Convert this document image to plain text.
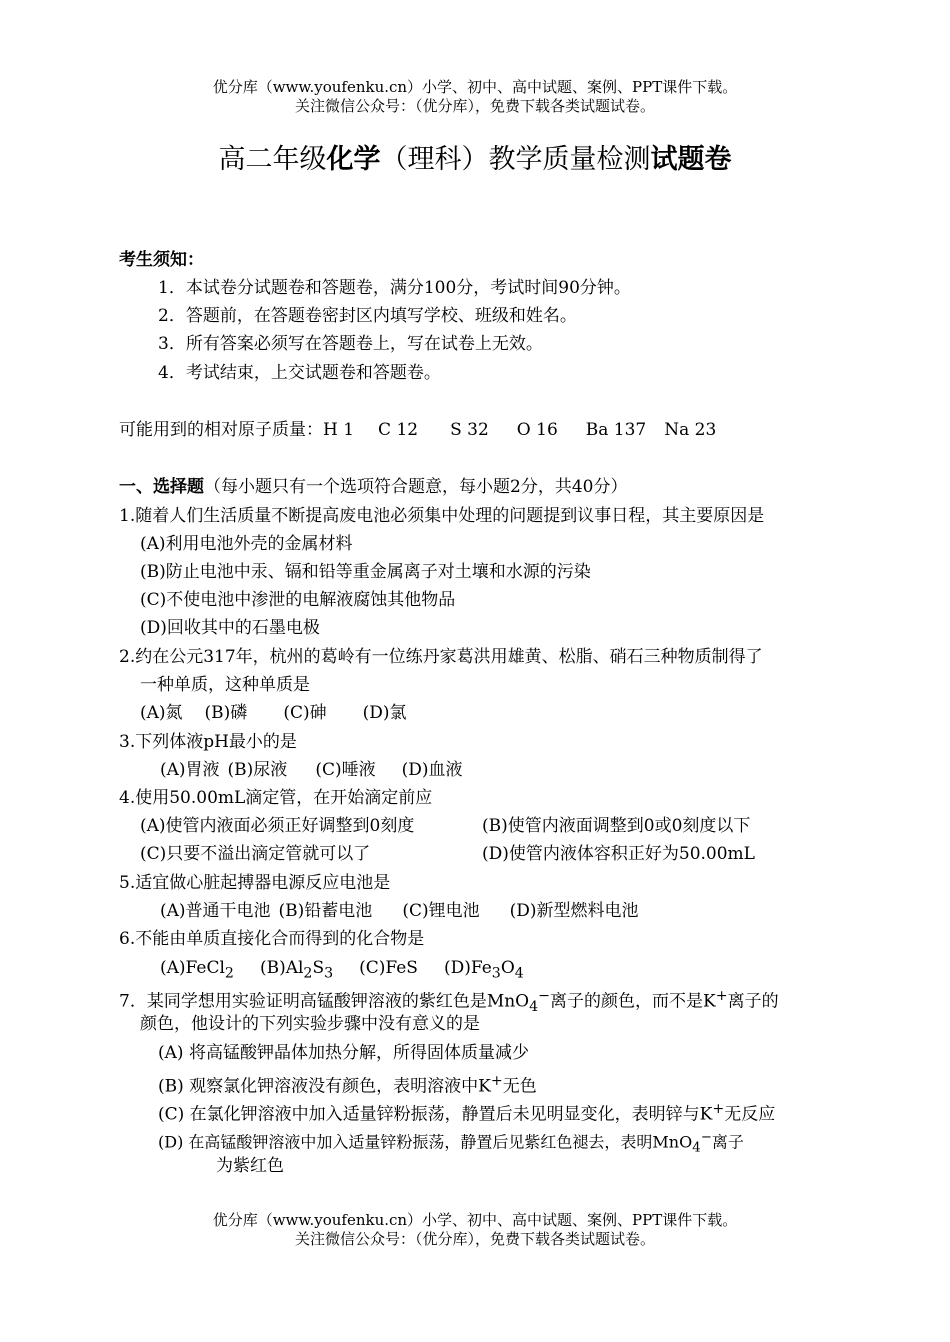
优分库（www.youfenku.cn）小学、初中、高中试题、案例、PPT课件下载。
关注微信公众号：（优分库），免费下载各类试题试卷。
高二年级化学（理科）教学质量检测试题卷
考生须知：
1．本试卷分试题卷和答题卷，满分100分，考试时间90分钟。
2．答题前，在答题卷密封区内填写学校、班级和姓名。
3．所有答案必须写在答题卷上，写在试卷上无效。
4．考试结束，上交试题卷和答题卷。
可能用到的相对原子质量：H 1 C 12 S 32 O 16 Ba 137 Na 23
一、选择题（每小题只有一个选项符合题意，每小题2分，共40分）
1.随着人们生活质量不断提高废电池必须集中处理的问题提到议事日程，其主要原因是
(A)利用电池外壳的金属材料
(B)防止电池中汞、镉和铅等重金属离子对土壤和水源的污染
(C)不使电池中渗泄的电解液腐蚀其他物品
(D)回收其中的石墨电极
2.约在公元317年，杭州的葛岭有一位练丹家葛洪用雄黄、松脂、硝石三种物质制得了
一种单质，这种单质是
(A)氮 (B)磷 (C)砷 (D)氯
3.下列体液pH最小的是
(A)胃液 (B)尿液 (C)唾液 (D)血液
4.使用50.00mL滴定管，在开始滴定前应
(A)使管内液面必须正好调整到0刻度	(B)使管内液面调整到0或0刻度以下
(C)只要不溢出滴定管就可以了	(D)使管内液体容积正好为50.00mL
5.适宜做心脏起搏器电源反应电池是
(A)普通干电池 (B)铅蓄电池 (C)锂电池 (D)新型燃料电池
6.不能由单质直接化合而得到的化合物是
(A)FeCl$_2$ $(B)Al_2S_3$ (C)FeS $(D)Fe_3O_4$
7．某同学想用实验证明高锰酸钾溶液的紫红色是MnO$_4$−离子的颜色，而不是K+离子的
颜色，他设计的下列实验步骤中没有意义的是
(A) 将高锰酸钾晶体加热分解，所得固体质量减少
(B) 观察氯化钾溶液没有颜色，表明溶液中K+无色
(C) 在氯化钾溶液中加入适量锌粉振荡，静置后未见明显变化，表明锌与K+无反应
(D) 在高锰酸钾溶液中加入适量锌粉振荡，静置后见紫红色褪去，表明MnO$_4$−离子
为紫红色
优分库（www.youfenku.cn）小学、初中、高中试题、案例、PPT课件下载。
关注微信公众号：（优分库），免费下载各类试题试卷。
